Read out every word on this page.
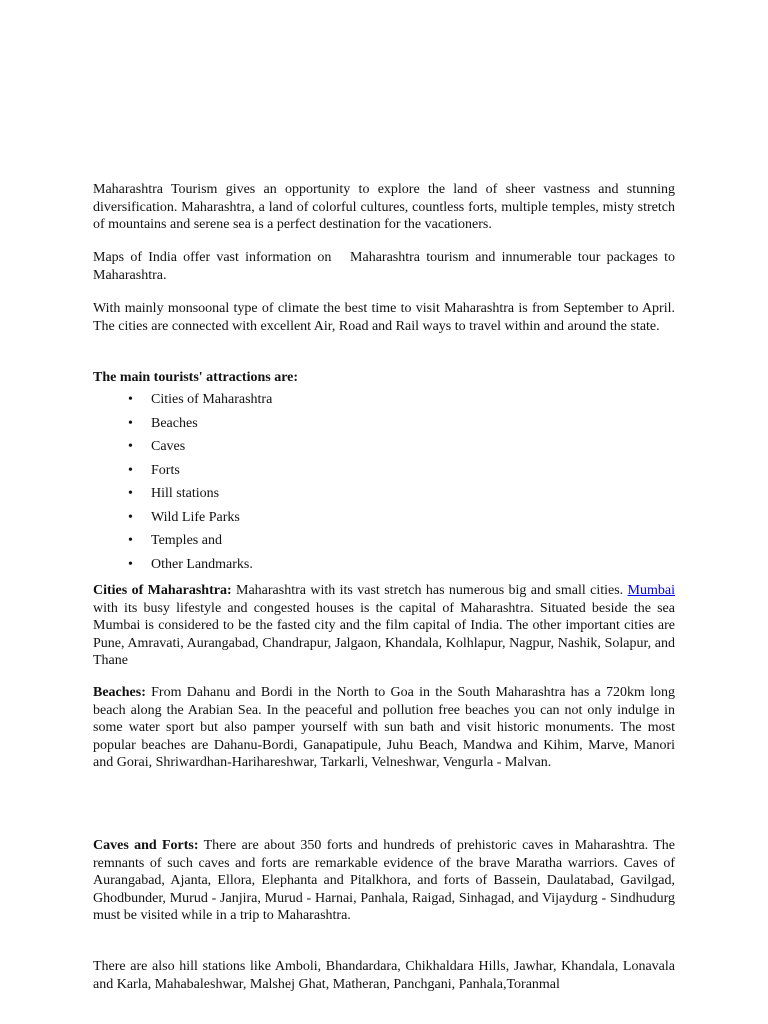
Maharashtra Tourism gives an opportunity to explore the land of sheer vastness and stunning diversification. Maharashtra, a land of colorful cultures, countless forts, multiple temples, misty stretch of mountains and serene sea is a perfect destination for the vacationers.

Maps of India offer vast information on   Maharashtra tourism and innumerable tour packages to Maharashtra.

With mainly monsoonal type of climate the best time to visit Maharashtra is from September to April. The cities are connected with excellent Air, Road and Rail ways to travel within and around the state.

The main tourists' attractions are:

• Cities of Maharashtra
• Beaches
• Caves
• Forts
• Hill stations
• Wild Life Parks
• Temples and
• Other Landmarks.

Cities of Maharashtra: Maharashtra with its vast stretch has numerous big and small cities. Mumbai with its busy lifestyle and congested houses is the capital of Maharashtra. Situated beside the sea Mumbai is considered to be the fasted city and the film capital of India. The other important cities are Pune, Amravati, Aurangabad, Chandrapur, Jalgaon, Khandala, Kolhlapur, Nagpur, Nashik, Solapur, and Thane

Beaches: From Dahanu and Bordi in the North to Goa in the South Maharashtra has a 720km long beach along the Arabian Sea. In the peaceful and pollution free beaches you can not only indulge in some water sport but also pamper yourself with sun bath and visit historic monuments. The most popular beaches are Dahanu-Bordi, Ganapatipule, Juhu Beach, Mandwa and Kihim, Marve, Manori and Gorai, Shriwardhan-Harihareshwar, Tarkarli, Velneshwar, Vengurla - Malvan.

Caves and Forts: There are about 350 forts and hundreds of prehistoric caves in Maharashtra. The remnants of such caves and forts are remarkable evidence of the brave Maratha warriors. Caves of Aurangabad, Ajanta, Ellora, Elephanta and Pitalkhora, and forts of Bassein, Daulatabad, Gavilgad, Ghodbunder, Murud - Janjira, Murud - Harnai, Panhala, Raigad, Sinhagad, and Vijaydurg - Sindhudurg must be visited while in a trip to Maharashtra.

There are also hill stations like Amboli, Bhandardara, Chikhaldara Hills, Jawhar, Khandala, Lonavala and Karla, Mahabaleshwar, Malshej Ghat, Matheran, Panchgani, Panhala,Toranmal
